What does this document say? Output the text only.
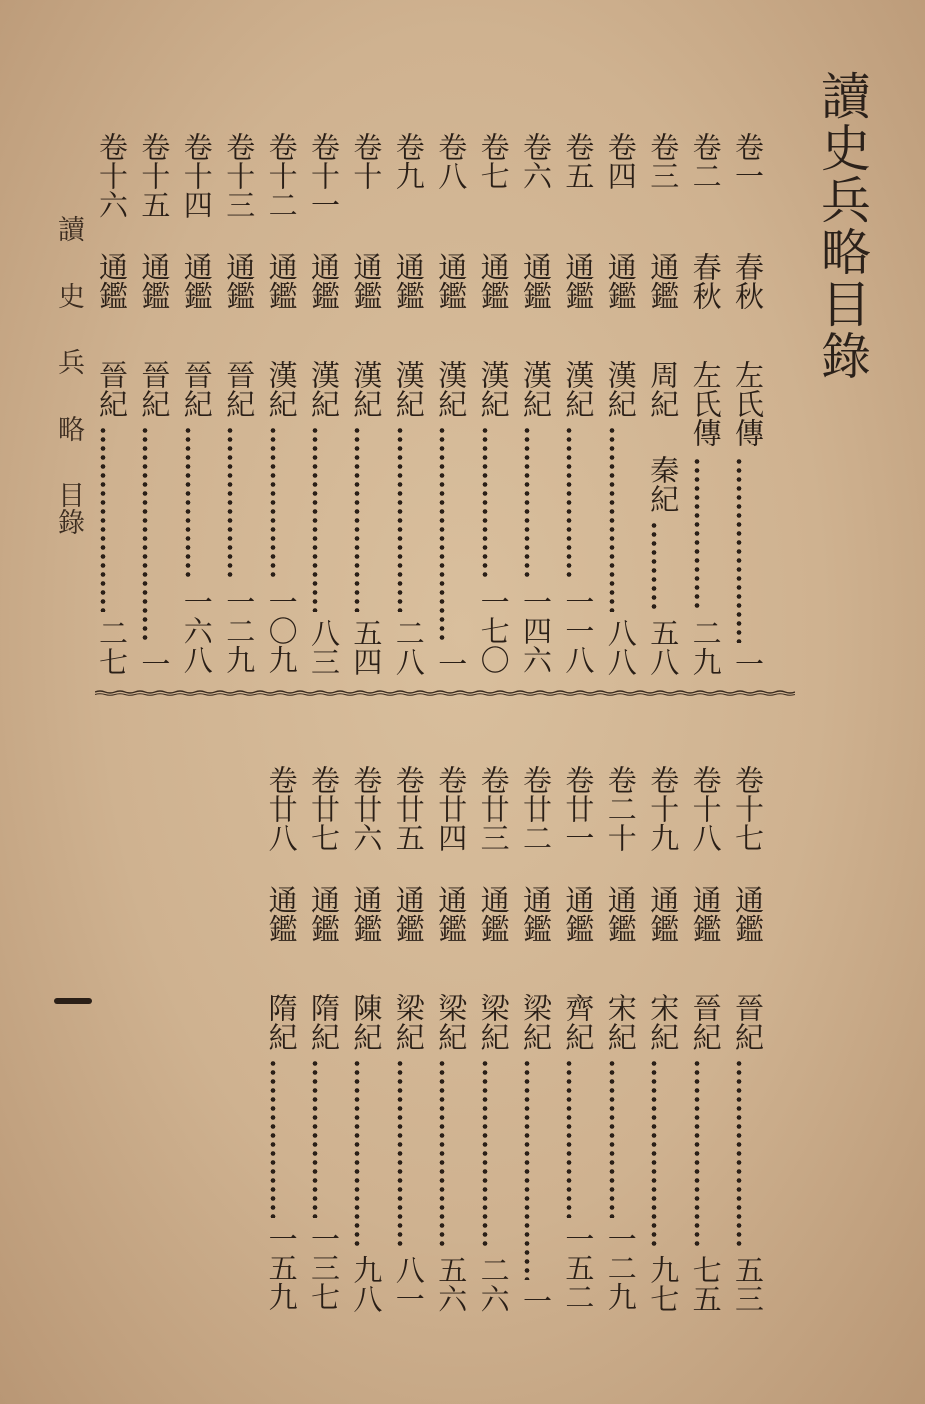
讀史兵略目錄
讀
史
兵
略
目錄
卷一
春秋
左氏傳
一
卷二
春秋
左氏傳
二九
卷三
通鑑
周紀
秦紀
五八
卷四
通鑑
漢紀
八八
卷五
通鑑
漢紀
一一八
卷六
通鑑
漢紀
一四六
卷七
通鑑
漢紀
一七〇
卷八
通鑑
漢紀
一
卷九
通鑑
漢紀
二八
卷十
通鑑
漢紀
五四
卷十一
通鑑
漢紀
八三
卷十二
通鑑
漢紀
一〇九
卷十三
通鑑
晉紀
一二九
卷十四
通鑑
晉紀
一六八
卷十五
通鑑
晉紀
一
卷十六
通鑑
晉紀
二七
卷十七
通鑑
晉紀
五三
卷十八
通鑑
晉紀
七五
卷十九
通鑑
宋紀
九七
卷二十
通鑑
宋紀
一二九
卷廿一
通鑑
齊紀
一五二
卷廿二
通鑑
梁紀
一
卷廿三
通鑑
梁紀
二六
卷廿四
通鑑
梁紀
五六
卷廿五
通鑑
梁紀
八一
卷廿六
通鑑
陳紀
九八
卷廿七
通鑑
隋紀
一三七
卷廿八
通鑑
隋紀
一五九
